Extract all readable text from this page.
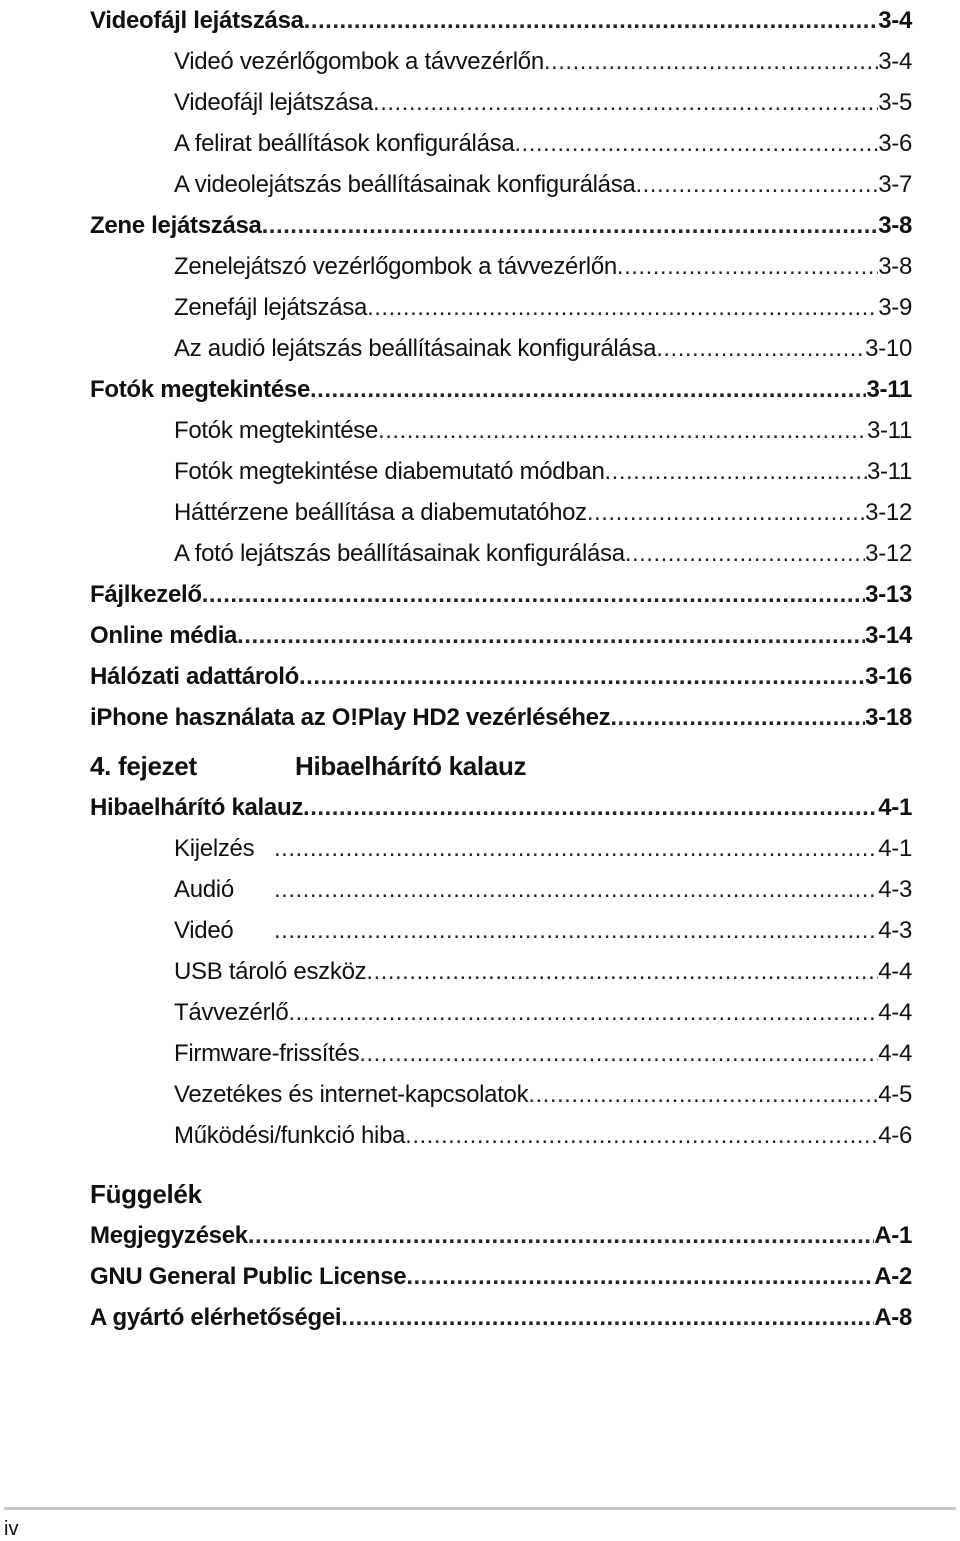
Videofájl lejátszása .....	3-4
Videó vezérlőgombok a távvezérlőn .....	3-4
Videofájl lejátszása .....	3-5
A felirat beállítások konfigurálása .....	3-6
A videolejátszás beállításainak konfigurálása .....	3-7
Zene lejátszása .....	3-8
Zenelejátszó vezérlőgombok a távvezérlőn .....	3-8
Zenefájl lejátszása .....	3-9
Az audió lejátszás beállításainak konfigurálása .....	3-10
Fotók megtekintése .....	3-11
Fotók megtekintése .....	3-11
Fotók megtekintése diabemutató módban .....	3-11
Háttérzene beállítása a diabemutatóhoz .....	3-12
A fotó lejátszás beállításainak konfigurálása .....	3-12
Fájlkezelő .....	3-13
Online média .....	3-14
Hálózati adattároló .....	3-16
iPhone használata az O!Play HD2 vezérléséhez .....	3-18
4. fejezet	Hibaelhárító kalauz
Hibaelhárító kalauz .....	4-1
Kijelzés .....	4-1
Audió .....	4-3
Videó .....	4-3
USB tároló eszköz .....	4-4
Távvezérlő .....	4-4
Firmware-frissítés .....	4-4
Vezetékes és internet-kapcsolatok .....	4-5
Működési/funkció hiba .....	4-6
Függelék
Megjegyzések .....	A-1
GNU General Public License .....	A-2
A gyártó elérhetőségei .....	A-8
iv
